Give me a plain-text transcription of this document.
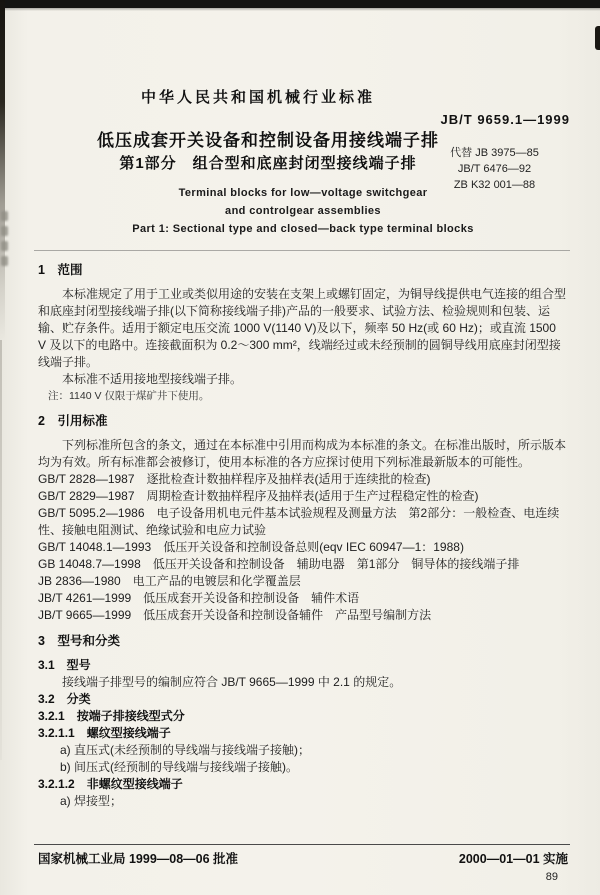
中华人民共和国机械行业标准
JB/T 9659.1—1999
低压成套开关设备和控制设备用接线端子排
第1部分　组合型和底座封闭型接线端子排
代替 JB 3975—85
JB/T 6476—92
ZB K32 001—88
Terminal blocks for low—voltage switchgear
and controlgear assemblies
Part 1: Sectional type and closed—back type terminal blocks
1　范围

本标准规定了用于工业或类似用途的安装在支架上或螺钉固定，为铜导线提供电气连接的组合型和底座封闭型接线端子排(以下简称接线端子排)产品的一般要求、试验方法、检验规则和包装、运输、贮存条件。适用于额定电压交流 1000 V(1140 V)及以下，频率 50 Hz(或 60 Hz)；或直流 1500 V 及以下的电路中。连接截面积为 0.2～300 mm²，线端经过或未经预制的圆铜导线用底座封闭型接线端子排。

本标准不适用接地型接线端子排。

注：1140 V 仅限于煤矿井下使用。

2　引用标准

下列标准所包含的条文，通过在本标准中引用而构成为本标准的条文。在标准出版时，所示版本均为有效。所有标准都会被修订，使用本标准的各方应探讨使用下列标准最新版本的可能性。

GB/T 2828—1987　逐批检查计数抽样程序及抽样表(适用于连续批的检查)

GB/T 2829—1987　周期检查计数抽样程序及抽样表(适用于生产过程稳定性的检查)

GB/T 5095.2—1986　电子设备用机电元件基本试验规程及测量方法　第2部分：一般检查、电连续性、接触电阻测试、绝缘试验和电应力试验

GB/T 14048.1—1993　低压开关设备和控制设备总则(eqv IEC 60947—1：1988)

GB 14048.7—1998　低压开关设备和控制设备　辅助电器　第1部分　铜导体的接线端子排

JB 2836—1980　电工产品的电镀层和化学覆盖层

JB/T 4261—1999　低压成套开关设备和控制设备　辅件术语

JB/T 9665—1999　低压成套开关设备和控制设备辅件　产品型号编制方法

3　型号和分类

3.1　型号

接线端子排型号的编制应符合 JB/T 9665—1999 中 2.1 的规定。

3.2　分类

3.2.1　按端子排接线型式分

3.2.1.1　螺纹型接线端子

a) 直压式(未经预制的导线端与接线端子接触)；

b) 间压式(经预制的导线端与接线端子接触)。

3.2.1.2　非螺纹型接线端子

a) 焊接型；

国家机械工业局 1999—08—06 批准	2000—01—01 实施
89
